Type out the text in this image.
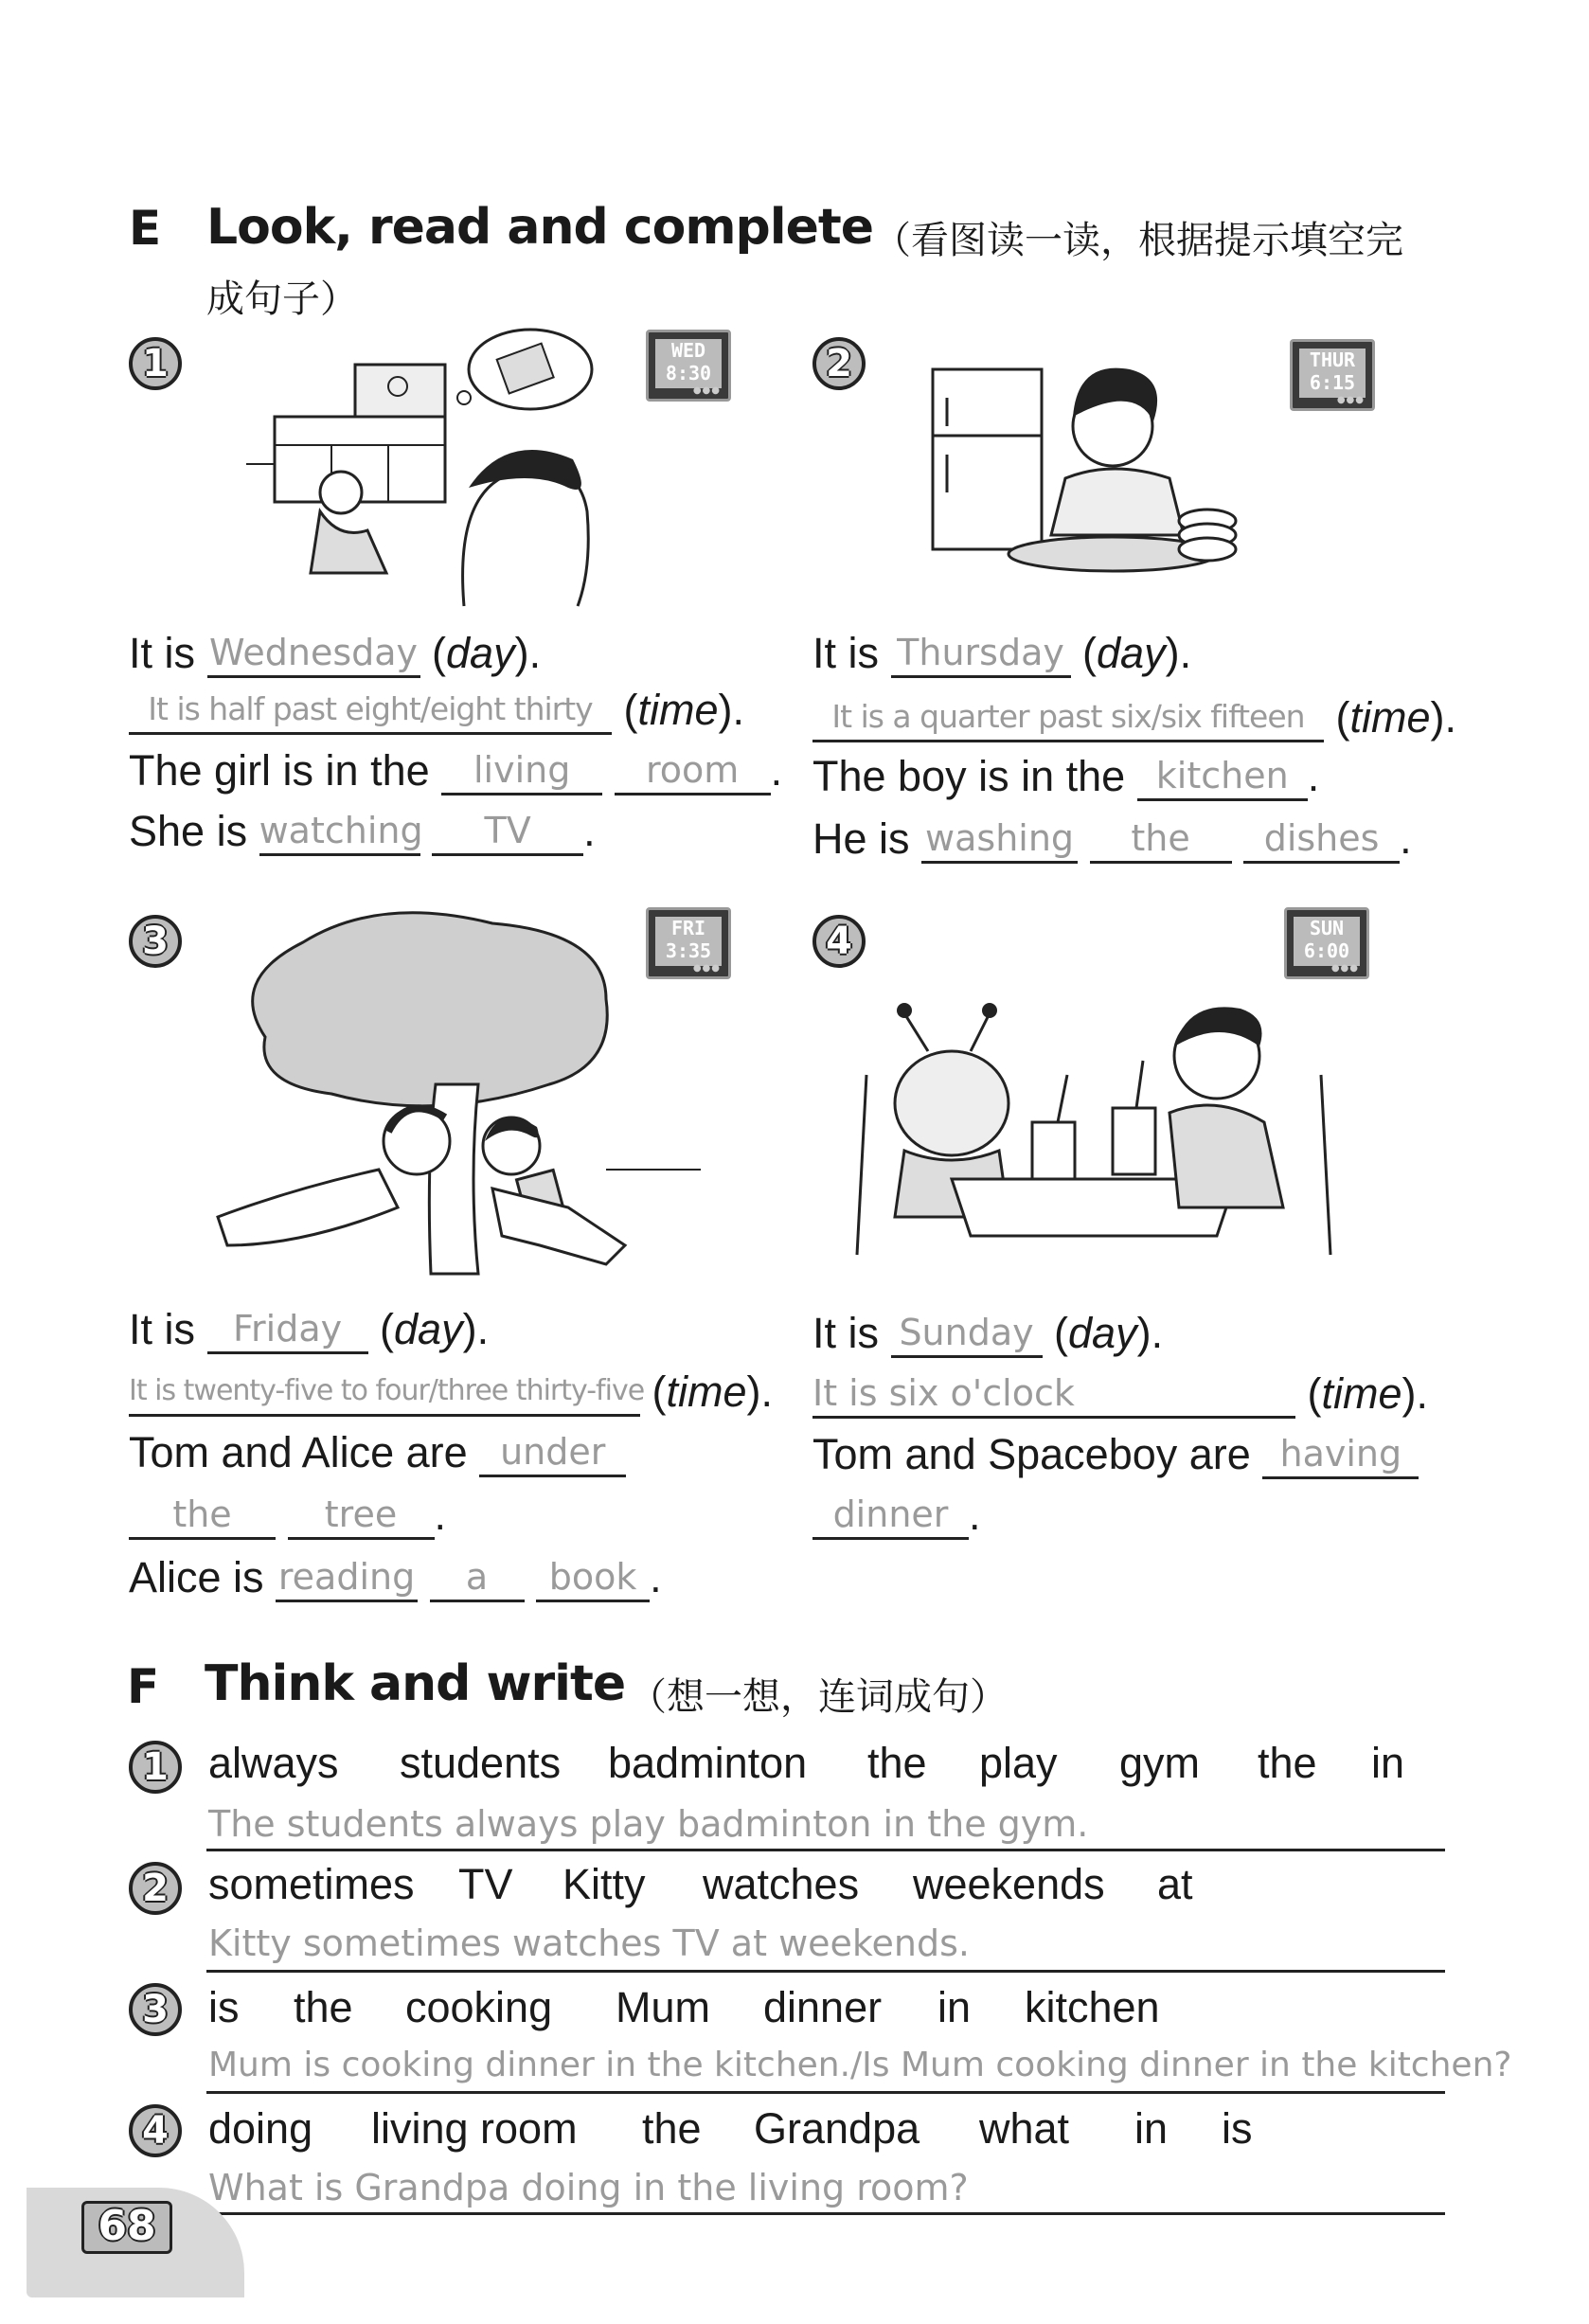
E Look, read and complete （看图读一读，根据提示填空完
成句子）
1	WED
8:30
●●●
It is Wednesday (day).
It is half past eight/eight thirty (time).
The girl is in the living room .
She is watching TV .
2	THUR
6:15
●●●
It is Thursday (day).
It is a quarter past six/six fifteen (time).
The boy is in the kitchen .
He is washing the dishes .
3	FRI
3:35
●●●
It is Friday (day).
It is twenty-five to four/three thirty-five (time).
Tom and Alice are under
the	tree .
Alice is reading a book .
4	SUN
6:00
●●●
It is Sunday (day).
It is six o'clock	(time).
Tom and Spaceboy are having
dinner .
F Think and write （想一想，连词成句）
1 always students badminton the play gym the in
The students always play badminton in the gym.
2 sometimes TV Kitty watches weekends at
Kitty sometimes watches TV at weekends.
3 is the cooking Mum dinner in kitchen
Mum is cooking dinner in the kitchen./Is Mum cooking dinner in the kitchen?
4 doing living room the Grandpa what in is
What is Grandpa doing in the living room?
68
